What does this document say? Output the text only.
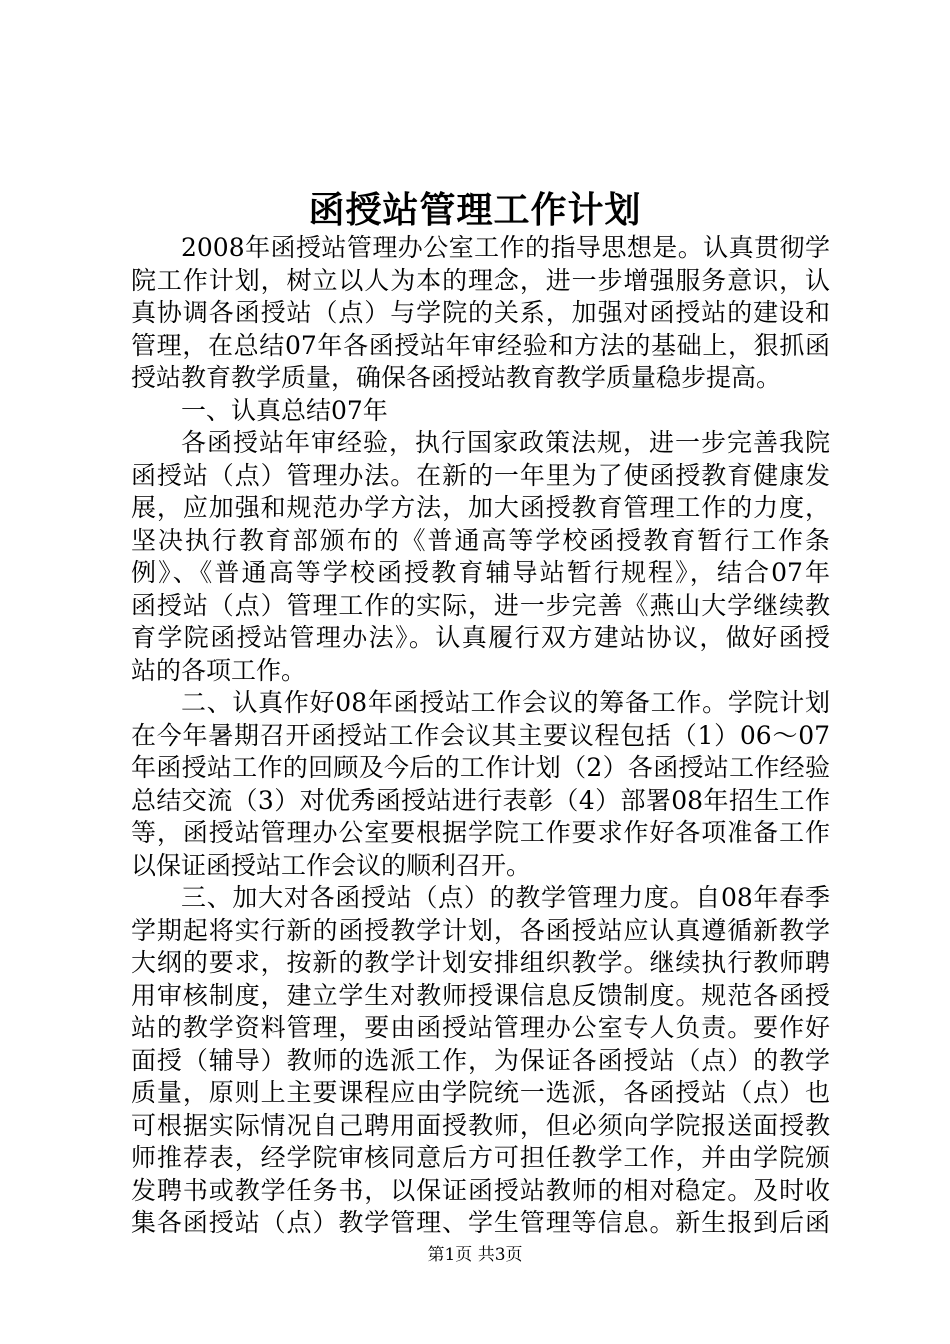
函授站管理工作计划
2008年函授站管理办公室工作的指导思想是。认真贯彻学
院工作计划，树立以人为本的理念，进一步增强服务意识，认
真协调各函授站（点）与学院的关系，加强对函授站的建设和
管理，在总结07年各函授站年审经验和方法的基础上，狠抓函
授站教育教学质量，确保各函授站教育教学质量稳步提高。
一、认真总结07年
各函授站年审经验，执行国家政策法规，进一步完善我院
函授站（点）管理办法。在新的一年里为了使函授教育健康发
展，应加强和规范办学方法，加大函授教育管理工作的力度，
坚决执行教育部颁布的《普通高等学校函授教育暂行工作条
例》、《普通高等学校函授教育辅导站暂行规程》，结合07年
函授站（点）管理工作的实际，进一步完善《燕山大学继续教
育学院函授站管理办法》。认真履行双方建站协议，做好函授
站的各项工作。
二、认真作好08年函授站工作会议的筹备工作。学院计划
在今年暑期召开函授站工作会议其主要议程包括（1）06～07
年函授站工作的回顾及今后的工作计划（2）各函授站工作经验
总结交流（3）对优秀函授站进行表彰（4）部署08年招生工作
等，函授站管理办公室要根据学院工作要求作好各项准备工作
以保证函授站工作会议的顺利召开。
三、加大对各函授站（点）的教学管理力度。自08年春季
学期起将实行新的函授教学计划，各函授站应认真遵循新教学
大纲的要求，按新的教学计划安排组织教学。继续执行教师聘
用审核制度，建立学生对教师授课信息反馈制度。规范各函授
站的教学资料管理，要由函授站管理办公室专人负责。要作好
面授（辅导）教师的选派工作，为保证各函授站（点）的教学
质量，原则上主要课程应由学院统一选派，各函授站（点）也
可根据实际情况自己聘用面授教师，但必须向学院报送面授教
师推荐表，经学院审核同意后方可担任教学工作，并由学院颁
发聘书或教学任务书，以保证函授站教师的相对稳定。及时收
集各函授站（点）教学管理、学生管理等信息。新生报到后函
第1页 共3页
